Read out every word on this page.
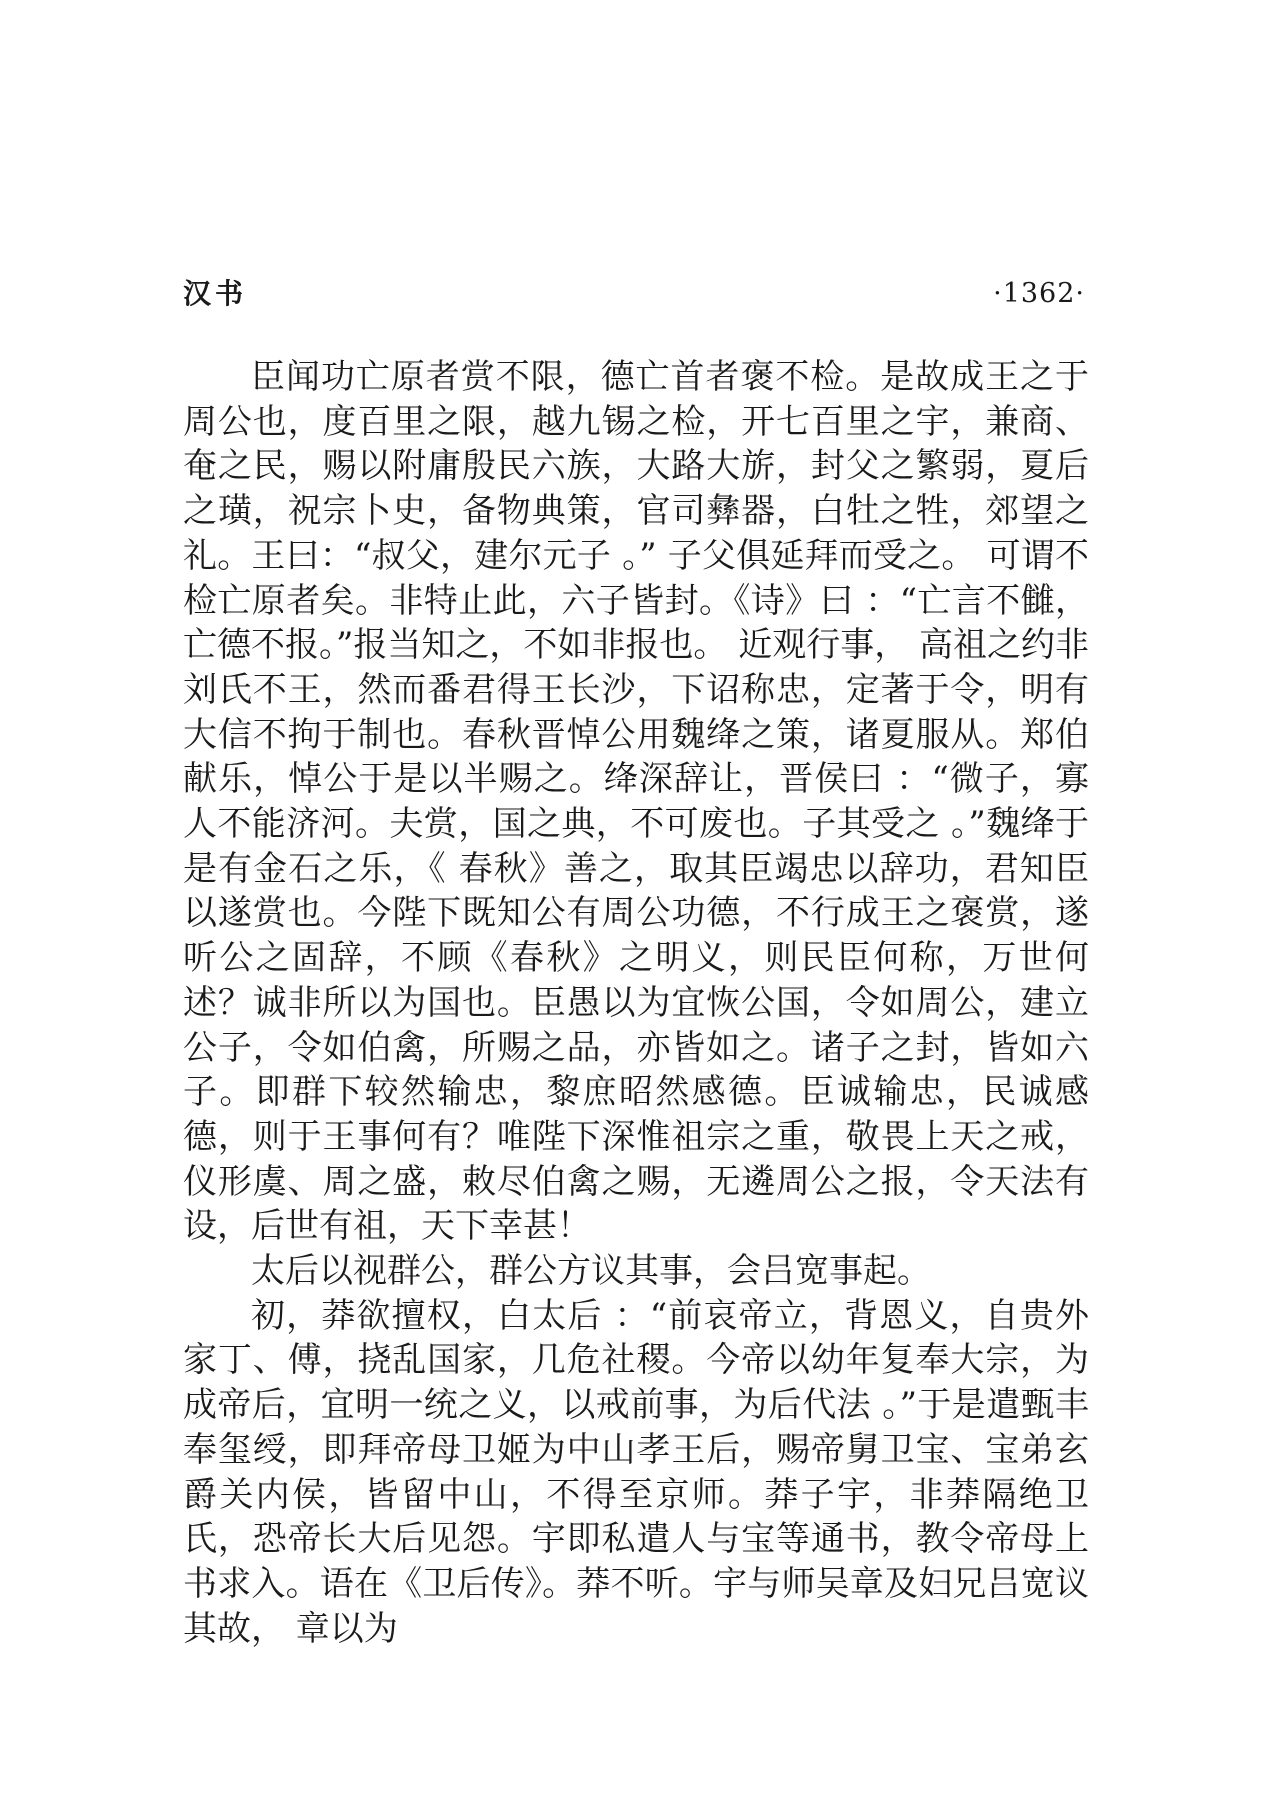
汉书	·1362·

臣闻功亡原者赏不限，德亡首者褒不检。是故成王之于周公也，度百里之限，越九锡之检，开七百里之宇，兼商、奄之民，赐以附庸殷民六族，大路大旂，封父之繁弱，夏后之璜，祝宗卜史，备物典策，官司彝器，白牡之牲，郊望之礼。王曰：“叔父，建尔元子 。” 子父俱延拜而受之。 可谓不检亡原者矣。非特止此，六子皆封。《诗》曰 ：“亡言不雠，亡德不报。”报当知之，不如非报也。 近观行事， 高祖之约非刘氏不王，然而番君得王长沙，下诏称忠，定著于令，明有大信不拘于制也。春秋晋悼公用魏绛之策，诸夏服从。郑伯献乐，悼公于是以半赐之。绛深辞让，晋侯曰 ：“微子，寡人不能济河。夫赏，国之典，不可废也。子其受之 。”魏绛于是有金石之乐，《 春秋》善之，取其臣竭忠以辞功，君知臣以遂赏也。今陛下既知公有周公功德，不行成王之褒赏，遂听公之固辞，不顾《春秋》之明义，则民臣何称，万世何述？诚非所以为国也。臣愚以为宜恢公国，令如周公，建立公子，令如伯禽，所赐之品，亦皆如之。诸子之封，皆如六子。即群下较然输忠，黎庶昭然感德。臣诚输忠，民诚感德，则于王事何有？唯陛下深惟祖宗之重，敬畏上天之戒，仪形虞、周之盛，敕尽伯禽之赐，无遴周公之报，令天法有设，后世有祖，天下幸甚！

太后以视群公，群公方议其事，会吕宽事起。

初，莽欲擅权，白太后 ：“前哀帝立，背恩义，自贵外家丁、傅，挠乱国家，几危社稷。今帝以幼年复奉大宗，为成帝后，宜明一统之义，以戒前事，为后代法 。”于是遣甄丰奉玺绶，即拜帝母卫姬为中山孝王后，赐帝舅卫宝、宝弟玄爵关内侯，皆留中山，不得至京师。莽子宇，非莽隔绝卫氏，恐帝长大后见怨。宇即私遣人与宝等通书，教令帝母上书求入。语在《卫后传》。莽不听。宇与师吴章及妇兄吕宽议其故， 章以为
